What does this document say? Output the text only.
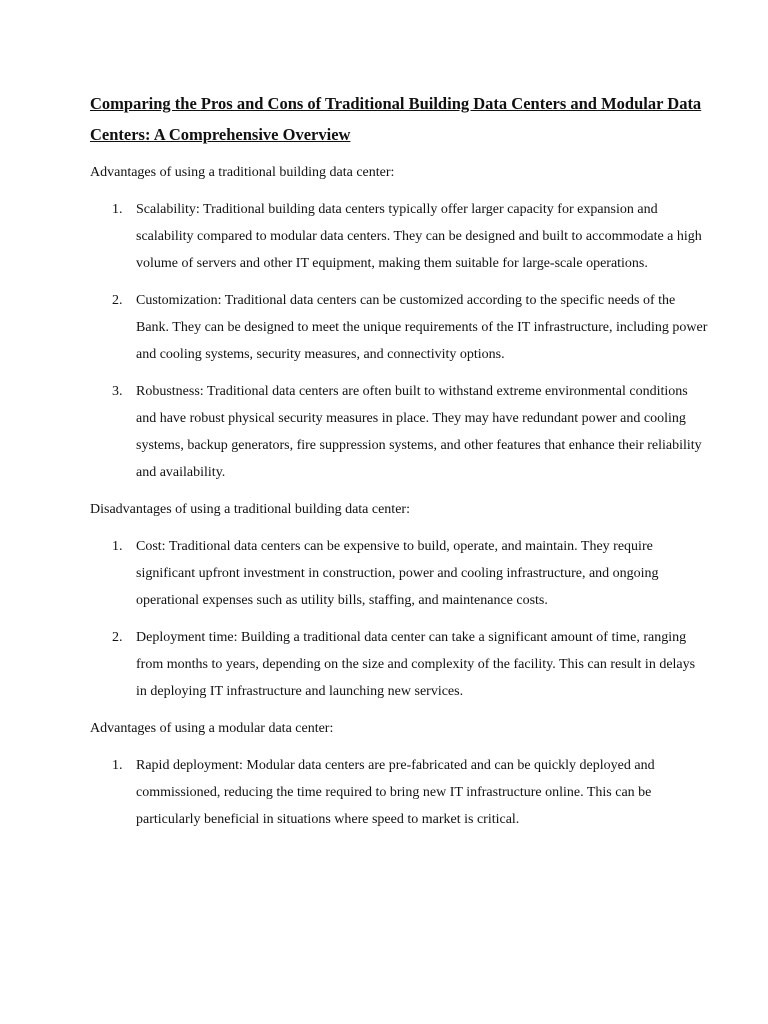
Comparing the Pros and Cons of Traditional Building Data Centers and Modular Data Centers: A Comprehensive Overview
Advantages of using a traditional building data center:
1. Scalability: Traditional building data centers typically offer larger capacity for expansion and scalability compared to modular data centers. They can be designed and built to accommodate a high volume of servers and other IT equipment, making them suitable for large-scale operations.
2. Customization: Traditional data centers can be customized according to the specific needs of the Bank. They can be designed to meet the unique requirements of the IT infrastructure, including power and cooling systems, security measures, and connectivity options.
3. Robustness: Traditional data centers are often built to withstand extreme environmental conditions and have robust physical security measures in place. They may have redundant power and cooling systems, backup generators, fire suppression systems, and other features that enhance their reliability and availability.
Disadvantages of using a traditional building data center:
1. Cost: Traditional data centers can be expensive to build, operate, and maintain. They require significant upfront investment in construction, power and cooling infrastructure, and ongoing operational expenses such as utility bills, staffing, and maintenance costs.
2. Deployment time: Building a traditional data center can take a significant amount of time, ranging from months to years, depending on the size and complexity of the facility. This can result in delays in deploying IT infrastructure and launching new services.
Advantages of using a modular data center:
1. Rapid deployment: Modular data centers are pre-fabricated and can be quickly deployed and commissioned, reducing the time required to bring new IT infrastructure online. This can be particularly beneficial in situations where speed to market is critical.
